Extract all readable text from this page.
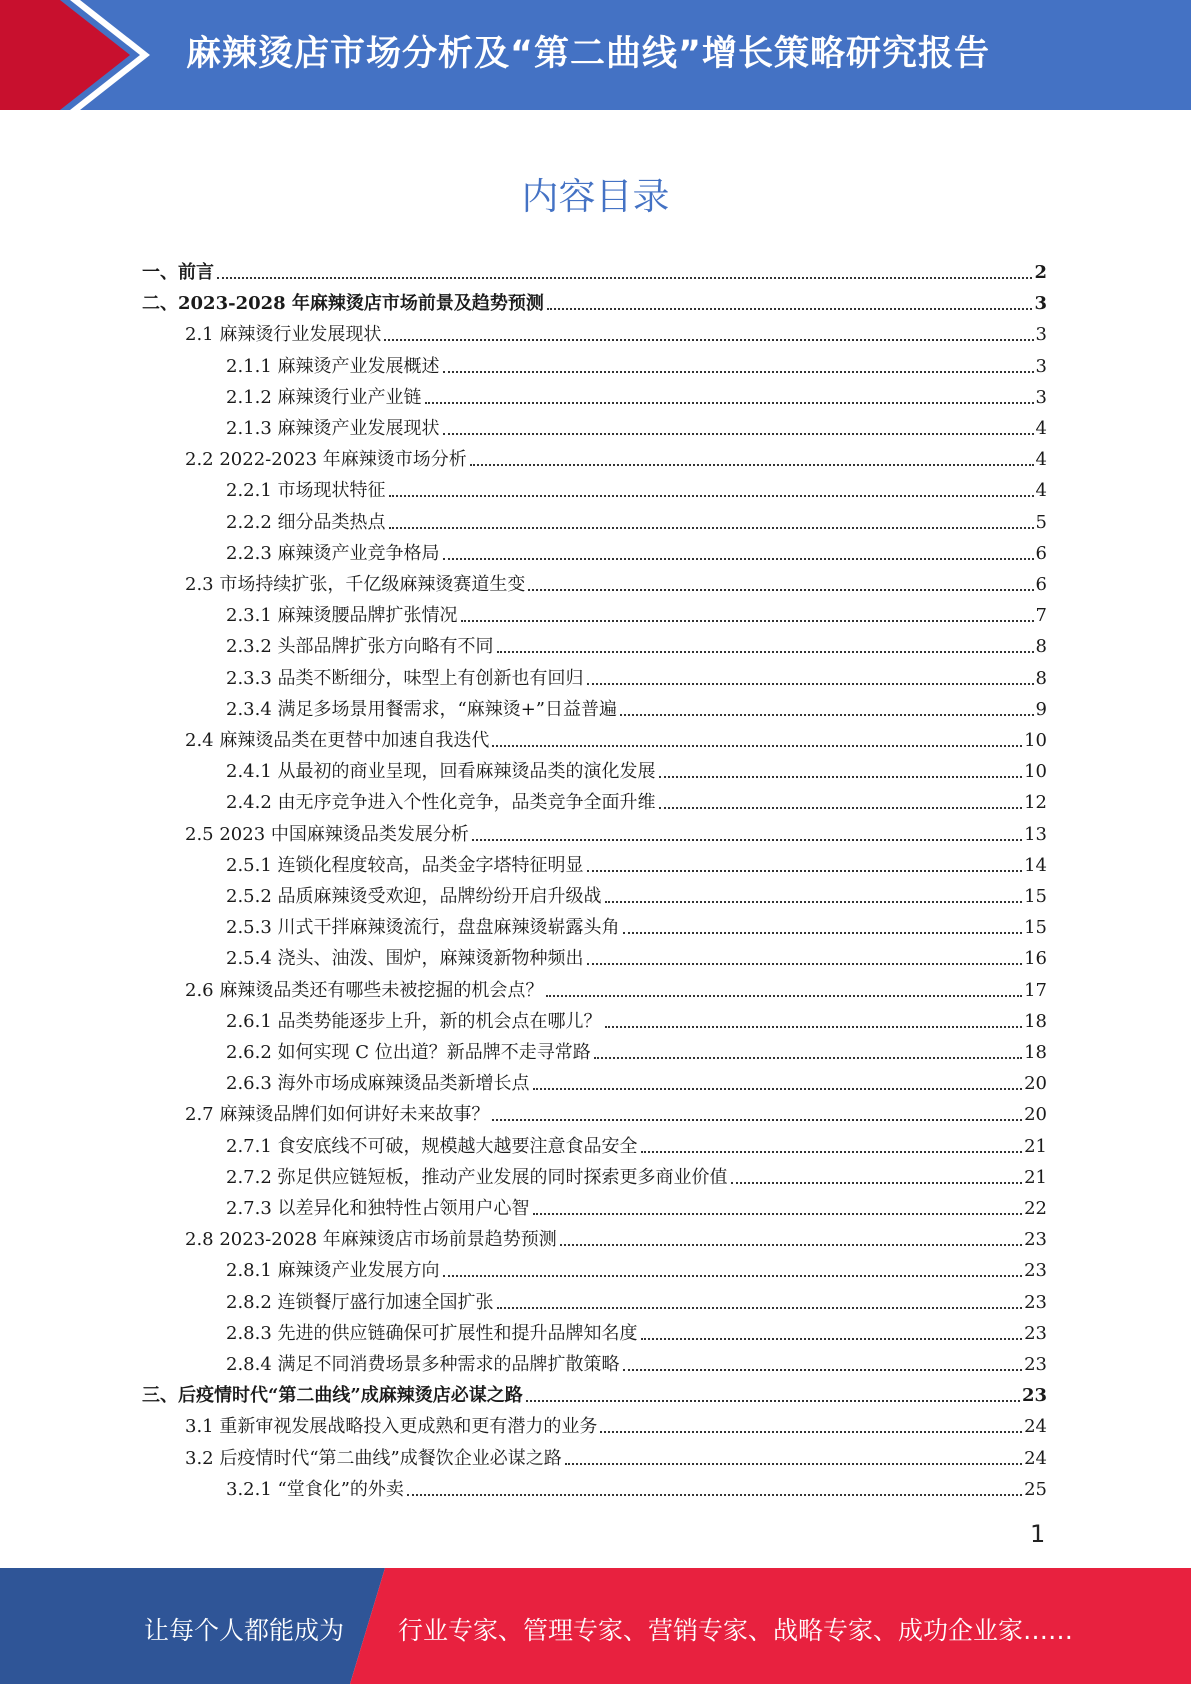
麻辣烫店市场分析及“第二曲线”增长策略研究报告
内容目录
一、前言	2
二、2023-2028 年麻辣烫店市场前景及趋势预测	3
2.1 麻辣烫行业发展现状	3
2.1.1 麻辣烫产业发展概述	3
2.1.2 麻辣烫行业产业链	3
2.1.3 麻辣烫产业发展现状	4
2.2 2022-2023 年麻辣烫市场分析	4
2.2.1 市场现状特征	4
2.2.2 细分品类热点	5
2.2.3 麻辣烫产业竞争格局	6
2.3 市场持续扩张，千亿级麻辣烫赛道生变	6
2.3.1 麻辣烫腰品牌扩张情况	7
2.3.2 头部品牌扩张方向略有不同	8
2.3.3 品类不断细分，味型上有创新也有回归	8
2.3.4 满足多场景用餐需求，“麻辣烫+”日益普遍	9
2.4 麻辣烫品类在更替中加速自我迭代	10
2.4.1 从最初的商业呈现，回看麻辣烫品类的演化发展	10
2.4.2 由无序竞争进入个性化竞争，品类竞争全面升维	12
2.5 2023 中国麻辣烫品类发展分析	13
2.5.1 连锁化程度较高，品类金字塔特征明显	14
2.5.2 品质麻辣烫受欢迎，品牌纷纷开启升级战	15
2.5.3 川式干拌麻辣烫流行，盘盘麻辣烫崭露头角	15
2.5.4 浇头、油泼、围炉，麻辣烫新物种频出	16
2.6 麻辣烫品类还有哪些未被挖掘的机会点？	17
2.6.1 品类势能逐步上升，新的机会点在哪儿？	18
2.6.2 如何实现 C 位出道？新品牌不走寻常路	18
2.6.3 海外市场成麻辣烫品类新增长点	20
2.7 麻辣烫品牌们如何讲好未来故事？	20
2.7.1 食安底线不可破，规模越大越要注意食品安全	21
2.7.2 弥足供应链短板，推动产业发展的同时探索更多商业价值	21
2.7.3 以差异化和独特性占领用户心智	22
2.8 2023-2028 年麻辣烫店市场前景趋势预测	23
2.8.1 麻辣烫产业发展方向	23
2.8.2 连锁餐厅盛行加速全国扩张	23
2.8.3 先进的供应链确保可扩展性和提升品牌知名度	23
2.8.4 满足不同消费场景多种需求的品牌扩散策略	23
三、后疫情时代“第二曲线”成麻辣烫店必谋之路	23
3.1 重新审视发展战略投入更成熟和更有潜力的业务	24
3.2 后疫情时代“第二曲线”成餐饮企业必谋之路	24
3.2.1 “堂食化”的外卖	25
1
让每个人都能成为 行业专家、管理专家、营销专家、战略专家、成功企业家……
